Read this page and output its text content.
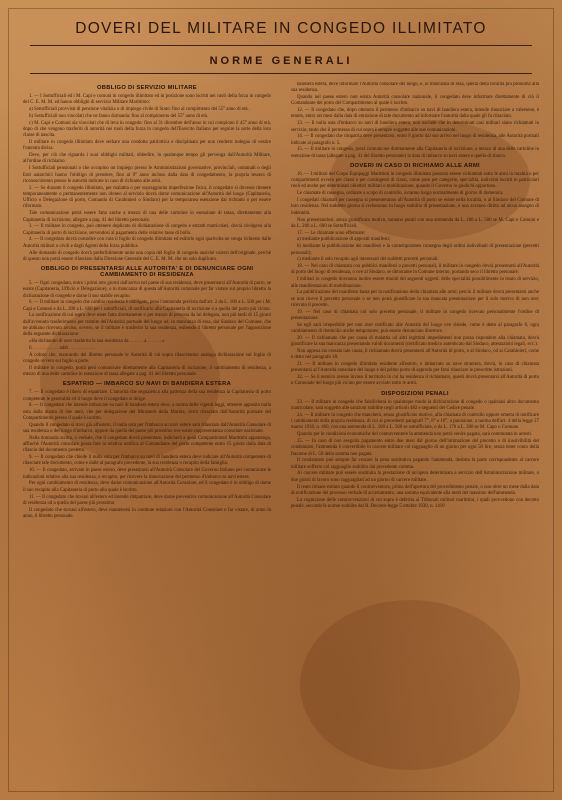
DOVERI DEL MILITARE IN CONGEDO ILLIMITATO
NORME GENERALI
OBBLIGO DI SERVIZIO MILITARE
1. — I Sottufficiali ed i M. Capi e comuni in congedo illimitato ed in posizione sono iscritti nei ruoli della forza in congedo del C. E. M. M. ed hanno obblighi di servizio Militare Marittimo:
a) Sottufficiali provvisti di pensione vitalizia o di impiego civile di Stato: fino al compimento del 55° anno di età.
b) Sottufficiali non vincolati che ne fanno domanda: fino al compimento del 55° anno di età.
c) M. Capi e Comuni sia vincolati che di leva in congedo: fino al 31 dicembre dell'anno in cui compiono il 45° anno di età, dopo di che vengono trasferiti di autorità nei ruoli della forza in congedo dell'Esercito Italiano per seguire la sorte della loro classe di nascita.
Il militare in congedo illimitato deve serbare una condotta patriottica e disciplinata per non renderst indegno di vestire l'onorata divisa.
Deve, per ciò che riguarda i suoi obblighi militari, obbedire, in qualunque tempo gli pervenga dall'Autorità Militare, all'ordine di richiamo.
I Sottufficiali pensionati o che occupino un impiego presso le Amministrazioni governative, provinciali, comunali o degli Enti autarchici hanno l'obbligo di prendere, fino al 9° anno incluso dalla data di congedamento, la propria tessera di riconoscimento presso le autorità indicate in caso di richiamo alle armi.
2. — Se durante il congedo illimitato, per malattia o per sopraggiunta imperfezione fisica, il congedato si dovesse ritenere temporaneamente o permanentemente non idoneo al servizio dovrà darne comunicazione all'Autorità del luogo (Capitaneria, Ufficio o Delegazione di porto, Comando di Carabinieri o Sindaco) per la temporanea esenzione dai richiami o per essere riformato.
Tale comunicazione potrà essere fatta anche a mezzo di una delle cartoline in esenzione di tassa, direttamente alla Capitaneria di iscrizione, allegate a pag. 41 del libretto personale.
3. — Il militare in congedo, può ottenere duplicato di dichiarazione di congedo e estratti matricolari, dovrà rivolgersi alla Capitaneria di porto di iscrizione, servendosi al pagamento delle relative tasse di bollo.
4. — Il congedato dovrà custodire con cura il foglio di congedo illimitato ed esibirlo ogni qualvolta ne venga richiesto dalle Autorità militari o civili e dagli Agenti della forza pubblica.
Alle domande di congedo dovrà preferibilmente unire una copia del foglio di congedo anzichè valersi dell'originale, perchè di questo non potrà essere rilasciato dalla Direzione Generale del C. E. M. M. che un solo duplicato.
OBBLIGO DI PRESENTARSI ALLE AUTORITA' E DI DENUNCIARE OGNI CAMBIAMENTO DI RESIDENZA
5. — Ogni congedato, entro i primi otto giorni dall'arrivo nel paese di sua residenza, deve presentarsi all'Autorità di porto, se esiste (Capitaneria, Ufficio o Delegazione), o in mancanza di questa all'Autorità comunale per far vistare sul proprio libretto la dichiarazione di congedo e darne il suo stabile recapito.
6. — Il militare in congedo che cambia residenza è obbligato, pena l'ammenda prevista dall'art. 2 da L. 100 a L. 500 per i M. Capi e Comuni e da L. 200 a L. 600 per i sottufficiali, di notificarlo alla Capitaneria di iscrizione o a quella del porto più vicino.
La notificazione di cui sopra deve esser fatta direttamente o per mezzo di persona da lui delegata, non più tardi di 15 giorni dall'avvenuto trasferimento per tramite dell'Autorità portuale del luogo od, in mancanza di essa, dal Sindaco del Comune, che ne abbiano ricevuto avviso, ovvero, se il militare è trasferito la sua residenza, esibendo il libretto personale per l'apposizione della seguente dichiarazione:
«Ha dichiarato di aver trasferito la sua residenza da . . . . . . a . . . . . . »
lì . . . . . . . . . . . addì . . . . . . . . . . .
A coloro che, mancando del libretto personale le Autorità di cui sopra rilasceranno analoga dichiarazione sul foglio di congedo ovvero sul foglio a parte.
Il militare in congedo, potrà però comunicare direttamente alla Capitaneria di iscrizione, il cambiamento di residenza, a mezzo di una delle cartoline in esenzione di tassa allegate a pag. 41 del libretto personale.
ESPATRIO — IMBARCO SU NAVI DI BANDIERA ESTERA
7. — Il congedato è libero di espatriare. L'autorità che segnaletica alla partenza della sua residenza la Capitaneria di porto competente le generalità ed il luogo dove il congedato si dirige.
8. — Il congedato che intende imbarcare su navi di bandiera estera deve, a norma delle vigenti leggi, ottenere apposito nulla osta dalla durata di due anni, che per delegazione del Ministero della Marina, verrà rilasciato dall'Autorità portuale del Compartimento presso il quale è iscritto.
Quando il congedato si trovi già all'estero, il nulla osta per l'imbarco su navi estere sarà rilasciato dall'Autorità Consolare di sua residenza o del luogo d'imbarco, oppure da quella del paese più prossimo ove esiste rappresentanza consolare nazionale.
Nella domanda scritta, o verbale, che il congedato dovrà presentare, indicherà a quali Compartimenti Marittimi appartenga, affinchè l'Autorità consolare possa fare la relativa notifica al Comandante del porto competente entro 15 giorni dalla data di rilascio del documento predetto.
9. — Il congedato che chiede il nulla osta per l'imbarco su navi di bandiera estera deve indicare all'Autorità competente di rilasciare tale documento, come e dalle al paragrafo precedente, la sua residenza o recapito della famiglia.
10. — Il congedato, arrivato in paese estero, deve presentarsi all'Autorità Consolare del Governo Italiano per comunicare le indicazioni relative alla sua residenza, o recapito, per ricevere la rinnovazione del permesso d'imbarco su navi estere.
Per ogni cambiamento di residenza, deve darne comunicazione all'Autorità Consolare, ed il congedato è in obbligo di darne il suo recapito alla Capitaneria di porto alla quale è iscritto.
11. — Il congedato che trovasi all'estero ed intende rimpatriare, deve darne preventiva comunicazione all'Autorità Consolare di residenza od a quella del paese più prossimo.
Il congedato che trovasi all'estero, deve mantenersi in continue relazioni con l'Autorità Consolare e far vistare, di anno in anno, il libretto personale.
bandiera estera, deve informare l'Autorità consolare del luogo, e, in mancanza di essa, quella della località più prossima alla sua residenza.
Quando nel paese estero non esista Autorità consolare nazionale, il congedato deve informare direttamente di ciò il Comandante del porto del Compartimento al quale è iscritto.
12. — Il congedato che, dopo ottenuto il permesso d'imbarco su navi di bandiera estera, intende rinunciare a valersene, è tenuto, entro sei mesi dalla data di emissione di tale documento ad informare l'autorità dalla quale gli fu rilasciato.
13. — Il nulla osta d'imbarco su navi di bandiera estera, non esclude che in determinati casi militari siano richiamati in servizio; tanto che il permesso di cui sopra è sempre soggetto alle sue comunicazioni.
14. — Il congedato che rimpatria deve presentarsi, entro 8 giorni dal suo arrivo nel luogo di residenza, alle Autorità portuali indicate al paragrafo n. 5.
15. — Il militare in congedo, potrà comunicare direttamente alla Capitaneria di iscrizione, a mezzo di una delle cartoline in esenzione di tassa (allegate a pag. 41 del libretto personale) la data di imbarco su navi estere e quella di sbarco.
DOVERI IN CASO DI RICHIAMO ALLE ARMI
16. — I militari del Corpo Equipaggi Marittimi in congedo illimitato possono essere richiamati sotto le armi in totalità o per compartimenti ovvero per classi o per contingenti di classi, come pure per categorie, specialità, individui iscritti in particolari ruoli ed anche per determinati obiettivi militari o mobilitazione, quando il Governo lo giudichi opportuno.
Le chiamate di rassegna, ordinate a scopo di controllo, avranno luogo normalmente di giorno di domenica.
I congedati chiamati per rassegna si presenteranno all'Autorità di porto se esiste nella località, o al Sindaco del Comune di loro residenza. Nel suddetto giorno si recheranno in luogo stabilito di presentazione, e non avranno diritto ad alcun assegno di indennità.
Non presentandosi, senza giustificato motivo, saranno puniti con una ammenda da L. 100 a L. 500 se M. Capi e Comuni e da L. 200 a L. 600 se Sottufficiali.
17. — Le chiamate sono effettuate:
a) mediante pubblicazione di appositi manifesti;
b) mediante la pubblicazione dei manifesti e la contemporanea consegna degli ordini individuali di presentazione (precetti personali);
c) mediante il solo recapito agli interessati dei suddetti precetti personali.
18. — Nel caso di chiamata con pubblici manifesti o precetti personali, il militare in congedo dovrà presentarsi all'Autorità di porto del luogo di residenza, o ove al Sindaco, se dimorante in Comune interno, portando seco il libretto personale.
I militari in congedo dovranno inoltre essere muniti dei seguenti oggetti: delle specialità possibilmente in istato di servizio, alle manifestazioni di mobilitazione.
La pubblicazione del manifesto basta per la notificazione della chiamata alle armi; perciò il militare dovrà presentarsi anche se non riceve il precetto personale o se non potrà giustificare la sua mancata presentazione per il solo motivo di non aver ricevuto il precetto.
19. — Nel caso di chiamata col solo precetto personale, il militare in congedo ricevuto personalmente l'ordine di presentazione.
Se egli sarà irreperibile per non aver notificato alle Autorità del luogo ove risiede, come è detto al paragrafo 6, ogni cambiamento di domicilio anche temporaneo, può essere denunciato disertore.
20. — Il richiamato che per causa di malattia od altri legittimi impedimenti non possa rispondere alla chiamata, dovrà giustificare la sua mancanza presentando validi documenti (certificato medico autenticato dal Sindaco, attestazioni legali, ecc.).
Non appena sia cessata tale causa, il richiamato dovrà presentarsi all'Autorità di porto, o al Sindaco, od ai Carabinieri, come è detto nel paragrafo 18.
21. — Il militare in congedo illimitato residente all'estero, e imbarcato su nave straniera, dovrà, in caso di chiamata presentarsi al l'Autorità consolare del luogo e del primo porto di approdo per farsi rilasciare le prescritte istruzioni.
22. — Se il nemico avesse invaso il territorio in cui ha residenza il richiamato, questi dovrà presentarsi all'Autorità di porto o Comunale del luogo più vicino per essere avviato sotto le armi.
DISPOSIZIONI PENALI
23. — Il militare in congedo che falsificherà in qualunque modo la dichiarazione di congedo o qualsiasi altro documento matricolare, sarà soggetto alle sanzioni stabilite negli articoli 482 e seguenti del Codice penale.
24. — Il militare in congedo che mancherà, senza giustificato motivo, alla chiamata di controllo oppure ometta di notificare i cambiamenti della propria residenza, di cui ai precedenti paragrafi 7°, 8° e 10°, a punizione, a norma dell'art. 4 della legge 27 marzo 1930, n. 460, con una ammenda di L. 100 a L. 500 se sottufficiale, o da L. 170 a L. 300 se M. Capo o Comune.
Quando per le condizioni economiche del contravventore la ammenda non potrà venire pagata, sarà commutata in arresti.
25. — In caso di non eseguita pagamento entro due mesi dal giorno dell'intimazione del precetto o di insolvibilità del condannato, l'ammenda è convertibile in carcere militare col ragguaglio di un giorno per ogni 50 lire, senza tener conto della frazione di L. 50 della somma non pagata.
Il condannato può sempre far cessare la pena sostitutiva pagando l'ammenda, dedotta la parte corrispondente al carcere militare sofferto col ragguaglio stabilito dal precedente comma.
Al carcere militare può essere sostituita la prestazione di un'opera determinata a servizio dell'Amministrazione militare, o due giorni di lavoro sono ragguagliati ad un giorno di carcere militare.
Il reato rimane estinto quando il contravventore, prima dell'apertura del procedimento penale, o non oltre un mese dalla data di notificazione del processo verbale di accertamento, una somma equivalente alla metà del massimo dell'ammenda.
La cognizione delle contravvenzioni di cui sopra è deferita ai Tribunali militari marittimi, i quali provvedono con decreto penale, secondo le norme stabilite dal R. Decreto-legge 5 ottobre 1930, n. 1410
